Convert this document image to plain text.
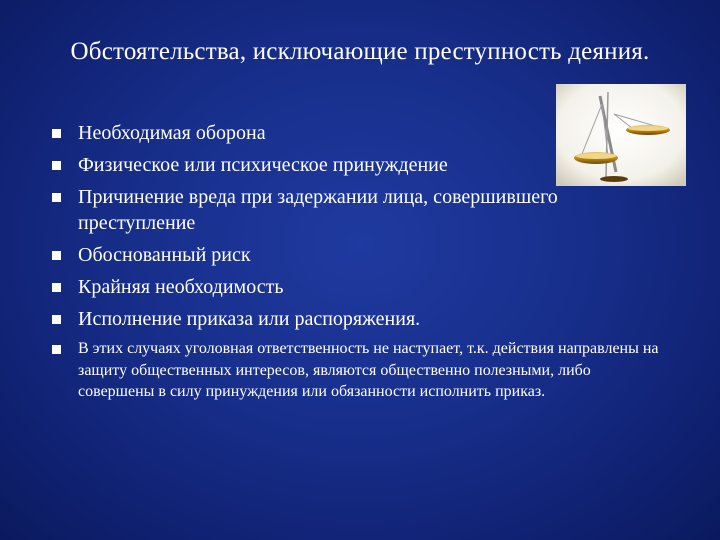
Обстоятельства, исключающие преступность деяния.
Необходимая оборона
Физическое или психическое принуждение
Причинение вреда при задержании лица, совершившего преступление
Обоснованный риск
Крайняя необходимость
Исполнение приказа или распоряжения.
В этих случаях уголовная ответственность не наступает, т.к. действия направлены на защиту общественных интересов, являются общественно полезными, либо совершены в силу принуждения или обязанности исполнить приказ.
